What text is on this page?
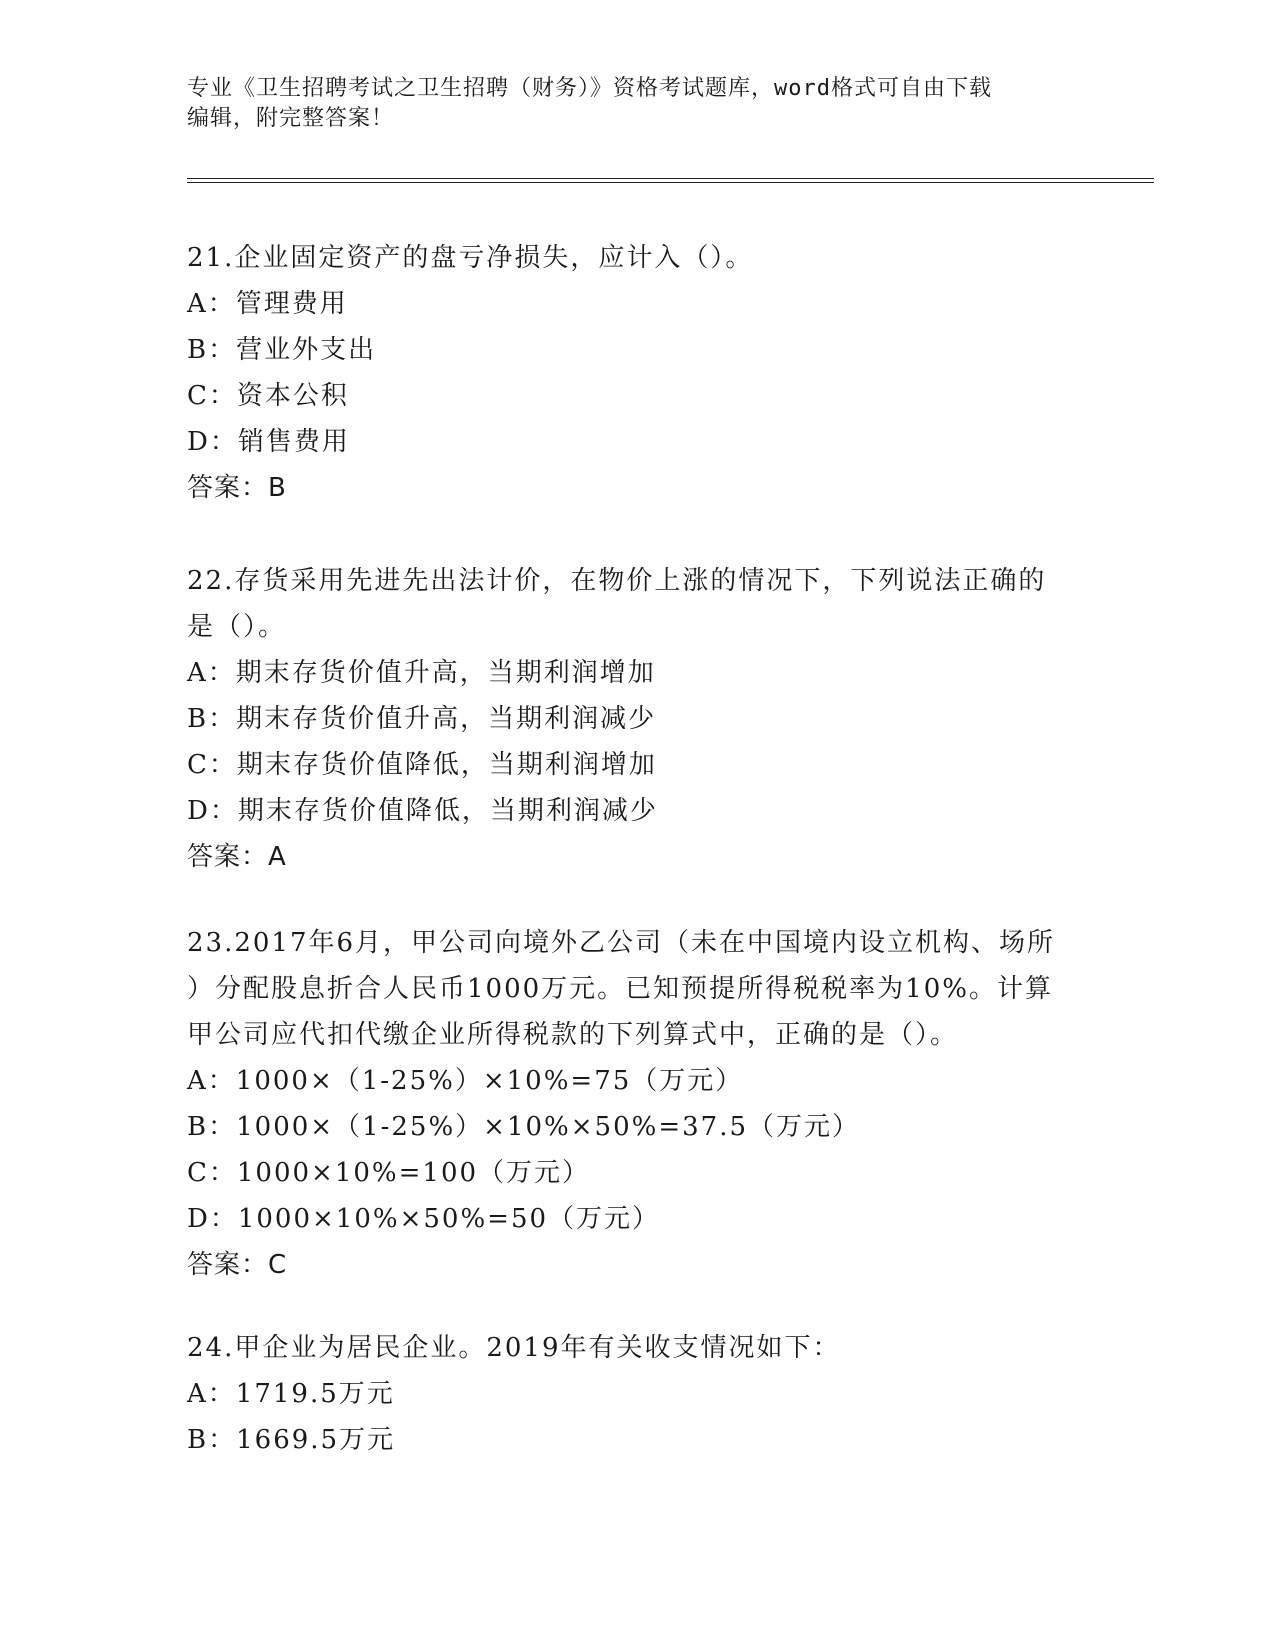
专业《卫生招聘考试之卫生招聘（财务）》资格考试题库，word格式可自由下载
编辑，附完整答案！
21.企业固定资产的盘亏净损失，应计入（）。
A：管理费用
B：营业外支出
C：资本公积
D：销售费用
答案：B
22.存货采用先进先出法计价，在物价上涨的情况下，下列说法正确的
是（）。
A：期末存货价值升高，当期利润增加
B：期末存货价值升高，当期利润减少
C：期末存货价值降低，当期利润增加
D：期末存货价值降低，当期利润减少
答案：A
23.2017年6月，甲公司向境外乙公司（未在中国境内设立机构、场所
）分配股息折合人民币1000万元。已知预提所得税税率为10%。计算
甲公司应代扣代缴企业所得税款的下列算式中，正确的是（）。
A：1000×（1-25%）×10%=75（万元）
B：1000×（1-25%）×10%×50%=37.5（万元）
C：1000×10%=100（万元）
D：1000×10%×50%=50（万元）
答案：C
24.甲企业为居民企业。2019年有关收支情况如下：
A：1719.5万元
B：1669.5万元
